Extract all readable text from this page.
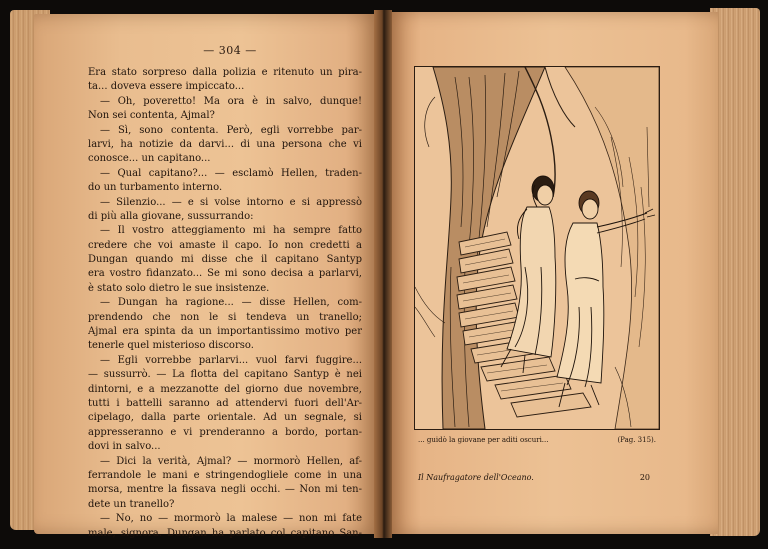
— 304 —
Era stato sorpreso dalla polizia e ritenuto un pira-
ta... doveva essere impiccato...
— Oh, poveretto! Ma ora è in salvo, dunque!
Non sei contenta, Ajmal?
— Sì, sono contenta. Però, egli vorrebbe par-
larvi, ha notizie da darvi... di una persona che vi
conosce... un capitano...
— Qual capitano?... — esclamò Hellen, traden-
do un turbamento interno.
— Silenzio... — e si volse intorno e si appressò
di più alla giovane, sussurrando:
— Il vostro atteggiamento mi ha sempre fatto
credere che voi amaste il capo. Io non credetti a
Dungan quando mi disse che il capitano Santyp
era vostro fidanzato... Se mi sono decisa a parlarvi,
è stato solo dietro le sue insistenze.
— Dungan ha ragione... — disse Hellen, com-
prendendo che non le si tendeva un tranello;
Ajmal era spinta da un importantissimo motivo per
tenerle quel misterioso discorso.
— Egli vorrebbe parlarvi... vuol farvi fuggire...
— sussurrò. — La flotta del capitano Santyp è nei
dintorni, e a mezzanotte del giorno due novembre,
tutti i battelli saranno ad attendervi fuori dell'Ar-
cipelago, dalla parte orientale. Ad un segnale, si
appresseranno e vi prenderanno a bordo, portan-
dovi in salvo...
— Dici la verità, Ajmal? — mormorò Hellen, af-
ferrandole le mani e stringendogliele come in una
morsa, mentre la fissava negli occhi. — Non mi ten-
dete un tranello?
— No, no — mormorò la malese — non mi fate
male, signora. Dungan ha parlato col capitano San-
... guidò la giovane per aditi oscuri...	(Pag. 315).
Il Naufragatore dell'Oceano.	20
